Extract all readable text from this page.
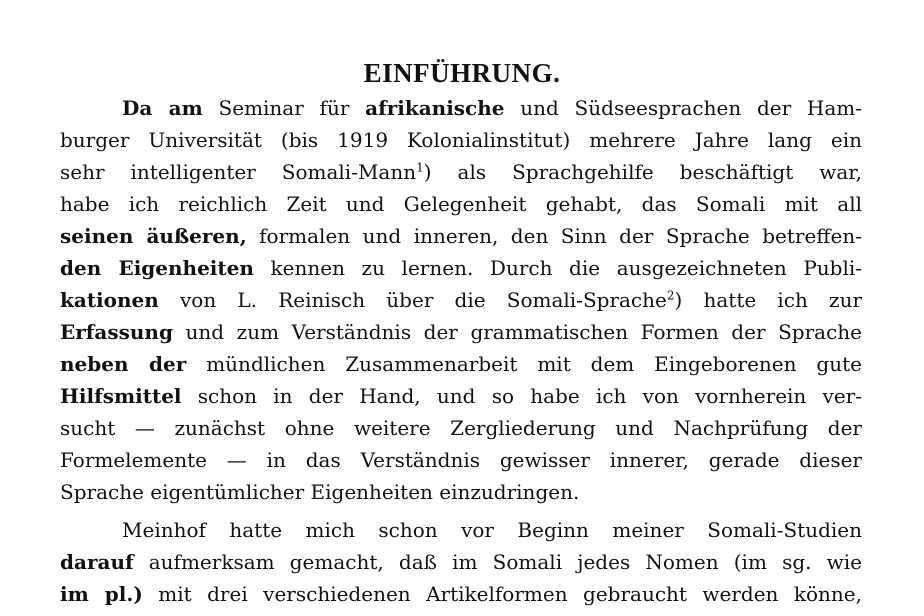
EINFÜHRUNG.
Da am Seminar für afrikanische und Südseesprachen der Ham-
burger Universität (bis 1919 Kolonialinstitut) mehrere Jahre lang ein
sehr intelligenter Somali-Mann$^1$) als Sprachgehilfe beschäftigt war,
habe ich reichlich Zeit und Gelegenheit gehabt, das Somali mit all
seinen äußeren, formalen und inneren, den Sinn der Sprache betreffen-
den Eigenheiten kennen zu lernen. Durch die ausgezeichneten Publi-
kationen von L. Reinisch über die Somali-Sprache$^2$) hatte ich zur
Erfassung und zum Verständnis der grammatischen Formen der Sprache
neben der mündlichen Zusammenarbeit mit dem Eingeborenen gute
Hilfsmittel schon in der Hand, und so habe ich von vornherein ver-
sucht — zunächst ohne weitere Zergliederung und Nachprüfung der
Formelemente — in das Verständnis gewisser innerer, gerade dieser
Sprache eigentümlicher Eigenheiten einzudringen.
Meinhof hatte mich schon vor Beginn meiner Somali-Studien
darauf aufmerksam gemacht, daß im Somali jedes Nomen (im sg. wie
im pl.) mit drei verschiedenen Artikelformen gebraucht werden könne,
